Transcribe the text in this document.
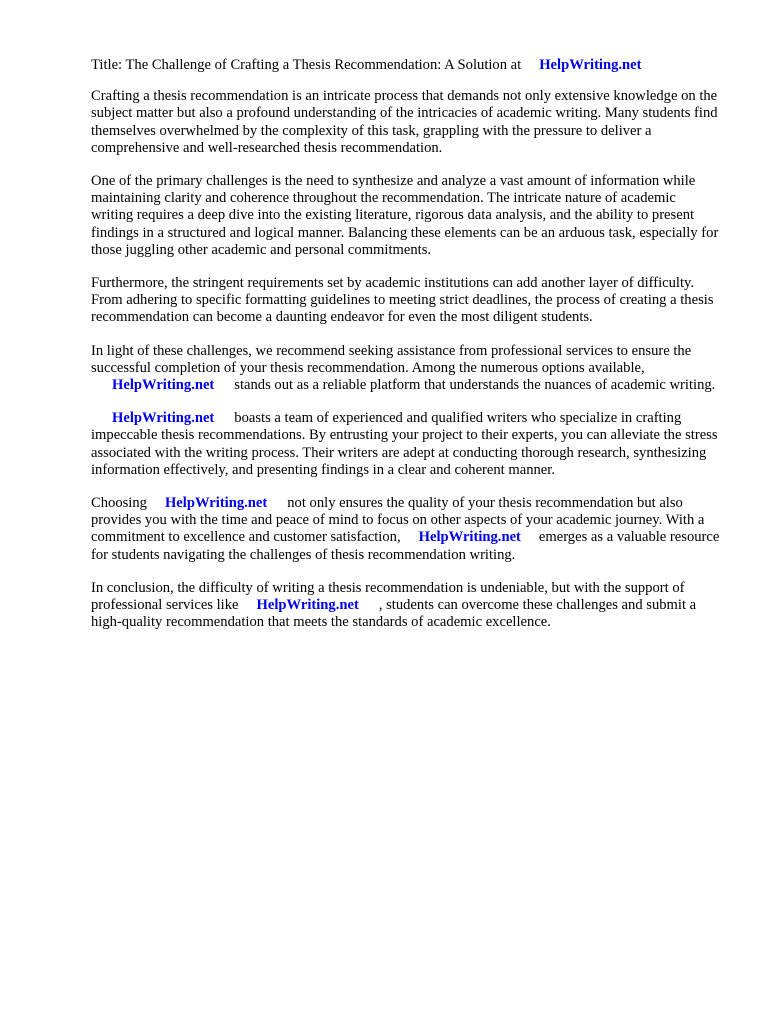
Title: The Challenge of Crafting a Thesis Recommendation: A Solution at HelpWriting.net

Crafting a thesis recommendation is an intricate process that demands not only extensive knowledge on the subject matter but also a profound understanding of the intricacies of academic writing. Many students find themselves overwhelmed by the complexity of this task, grappling with the pressure to deliver a comprehensive and well-researched thesis recommendation.

One of the primary challenges is the need to synthesize and analyze a vast amount of information while maintaining clarity and coherence throughout the recommendation. The intricate nature of academic writing requires a deep dive into the existing literature, rigorous data analysis, and the ability to present findings in a structured and logical manner. Balancing these elements can be an arduous task, especially for those juggling other academic and personal commitments.

Furthermore, the stringent requirements set by academic institutions can add another layer of difficulty. From adhering to specific formatting guidelines to meeting strict deadlines, the process of creating a thesis recommendation can become a daunting endeavor for even the most diligent students.

In light of these challenges, we recommend seeking assistance from professional services to ensure the successful completion of your thesis recommendation. Among the numerous options available,
HelpWriting.net stands out as a reliable platform that understands the nuances of academic writing.

HelpWriting.net boasts a team of experienced and qualified writers who specialize in crafting impeccable thesis recommendations. By entrusting your project to their experts, you can alleviate the stress associated with the writing process. Their writers are adept at conducting thorough research, synthesizing information effectively, and presenting findings in a clear and coherent manner.

Choosing HelpWriting.net not only ensures the quality of your thesis recommendation but also provides you with the time and peace of mind to focus on other aspects of your academic journey. With a commitment to excellence and customer satisfaction, HelpWriting.net emerges as a valuable resource for students navigating the challenges of thesis recommendation writing.

In conclusion, the difficulty of writing a thesis recommendation is undeniable, but with the support of professional services like HelpWriting.net , students can overcome these challenges and submit a high-quality recommendation that meets the standards of academic excellence.
